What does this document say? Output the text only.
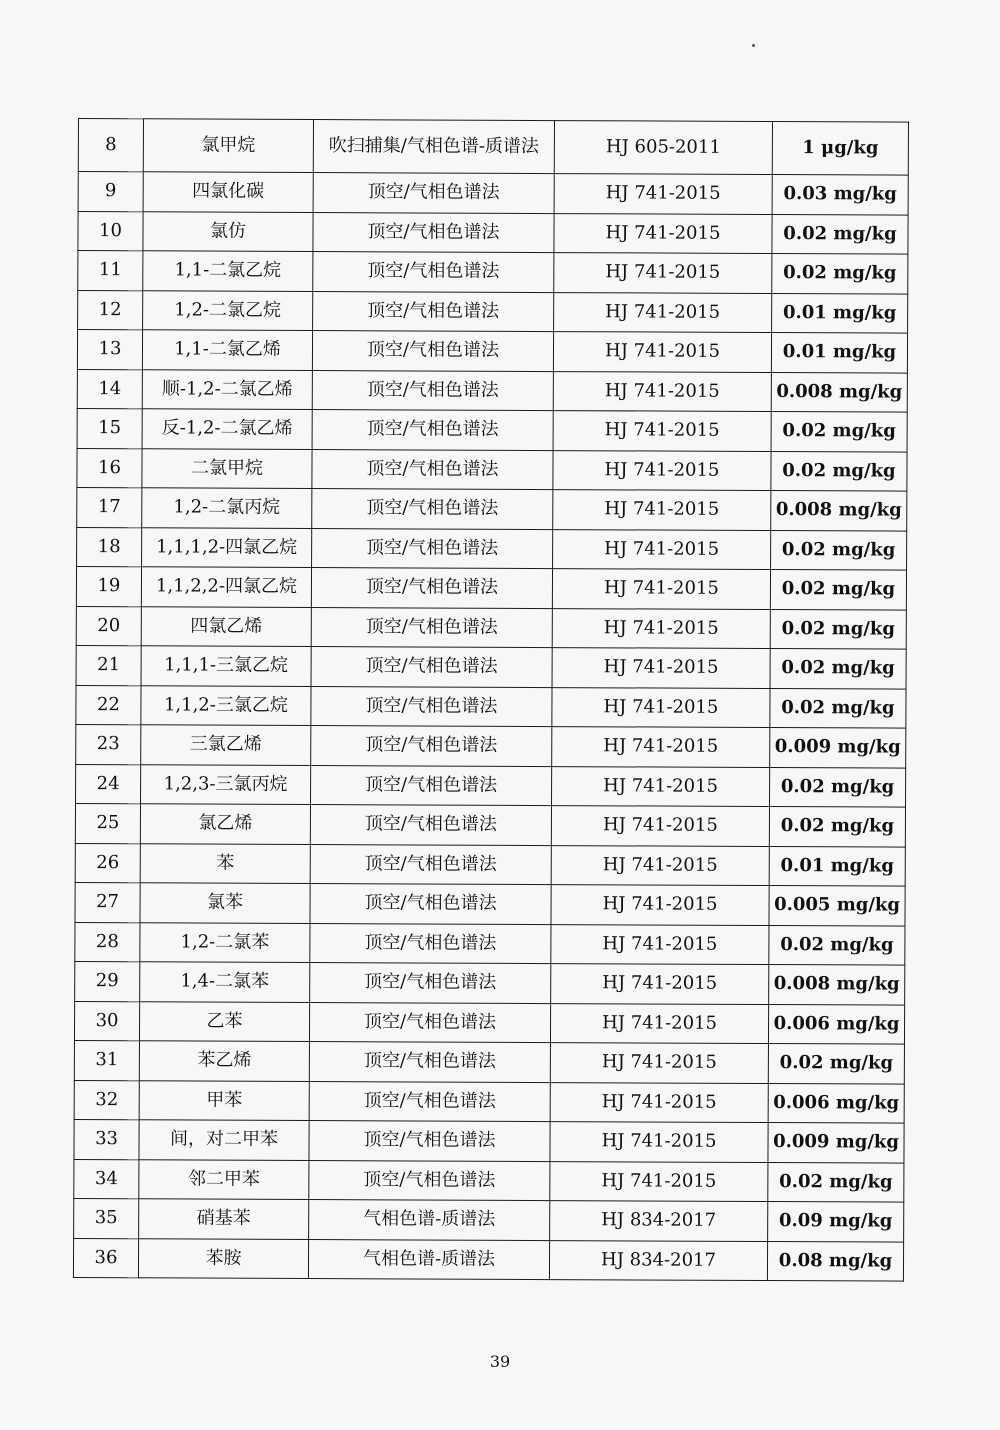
8	氯甲烷	吹扫捕集/气相色谱-质谱法	HJ 605-2011	1 μg/kg
9	四氯化碳	顶空/气相色谱法	HJ 741-2015	0.03 mg/kg
10	氯仿	顶空/气相色谱法	HJ 741-2015	0.02 mg/kg
11	1,1-二氯乙烷	顶空/气相色谱法	HJ 741-2015	0.02 mg/kg
12	1,2-二氯乙烷	顶空/气相色谱法	HJ 741-2015	0.01 mg/kg
13	1,1-二氯乙烯	顶空/气相色谱法	HJ 741-2015	0.01 mg/kg
14	顺-1,2-二氯乙烯	顶空/气相色谱法	HJ 741-2015	0.008 mg/kg
15	反-1,2-二氯乙烯	顶空/气相色谱法	HJ 741-2015	0.02 mg/kg
16	二氯甲烷	顶空/气相色谱法	HJ 741-2015	0.02 mg/kg
17	1,2-二氯丙烷	顶空/气相色谱法	HJ 741-2015	0.008 mg/kg
18	1,1,1,2-四氯乙烷	顶空/气相色谱法	HJ 741-2015	0.02 mg/kg
19	1,1,2,2-四氯乙烷	顶空/气相色谱法	HJ 741-2015	0.02 mg/kg
20	四氯乙烯	顶空/气相色谱法	HJ 741-2015	0.02 mg/kg
21	1,1,1-三氯乙烷	顶空/气相色谱法	HJ 741-2015	0.02 mg/kg
22	1,1,2-三氯乙烷	顶空/气相色谱法	HJ 741-2015	0.02 mg/kg
23	三氯乙烯	顶空/气相色谱法	HJ 741-2015	0.009 mg/kg
24	1,2,3-三氯丙烷	顶空/气相色谱法	HJ 741-2015	0.02 mg/kg
25	氯乙烯	顶空/气相色谱法	HJ 741-2015	0.02 mg/kg
26	苯	顶空/气相色谱法	HJ 741-2015	0.01 mg/kg
27	氯苯	顶空/气相色谱法	HJ 741-2015	0.005 mg/kg
28	1,2-二氯苯	顶空/气相色谱法	HJ 741-2015	0.02 mg/kg
29	1,4-二氯苯	顶空/气相色谱法	HJ 741-2015	0.008 mg/kg
30	乙苯	顶空/气相色谱法	HJ 741-2015	0.006 mg/kg
31	苯乙烯	顶空/气相色谱法	HJ 741-2015	0.02 mg/kg
32	甲苯	顶空/气相色谱法	HJ 741-2015	0.006 mg/kg
33	间，对二甲苯	顶空/气相色谱法	HJ 741-2015	0.009 mg/kg
34	邻二甲苯	顶空/气相色谱法	HJ 741-2015	0.02 mg/kg
35	硝基苯	气相色谱-质谱法	HJ 834-2017	0.09 mg/kg
36	苯胺	气相色谱-质谱法	HJ 834-2017	0.08 mg/kg
39
